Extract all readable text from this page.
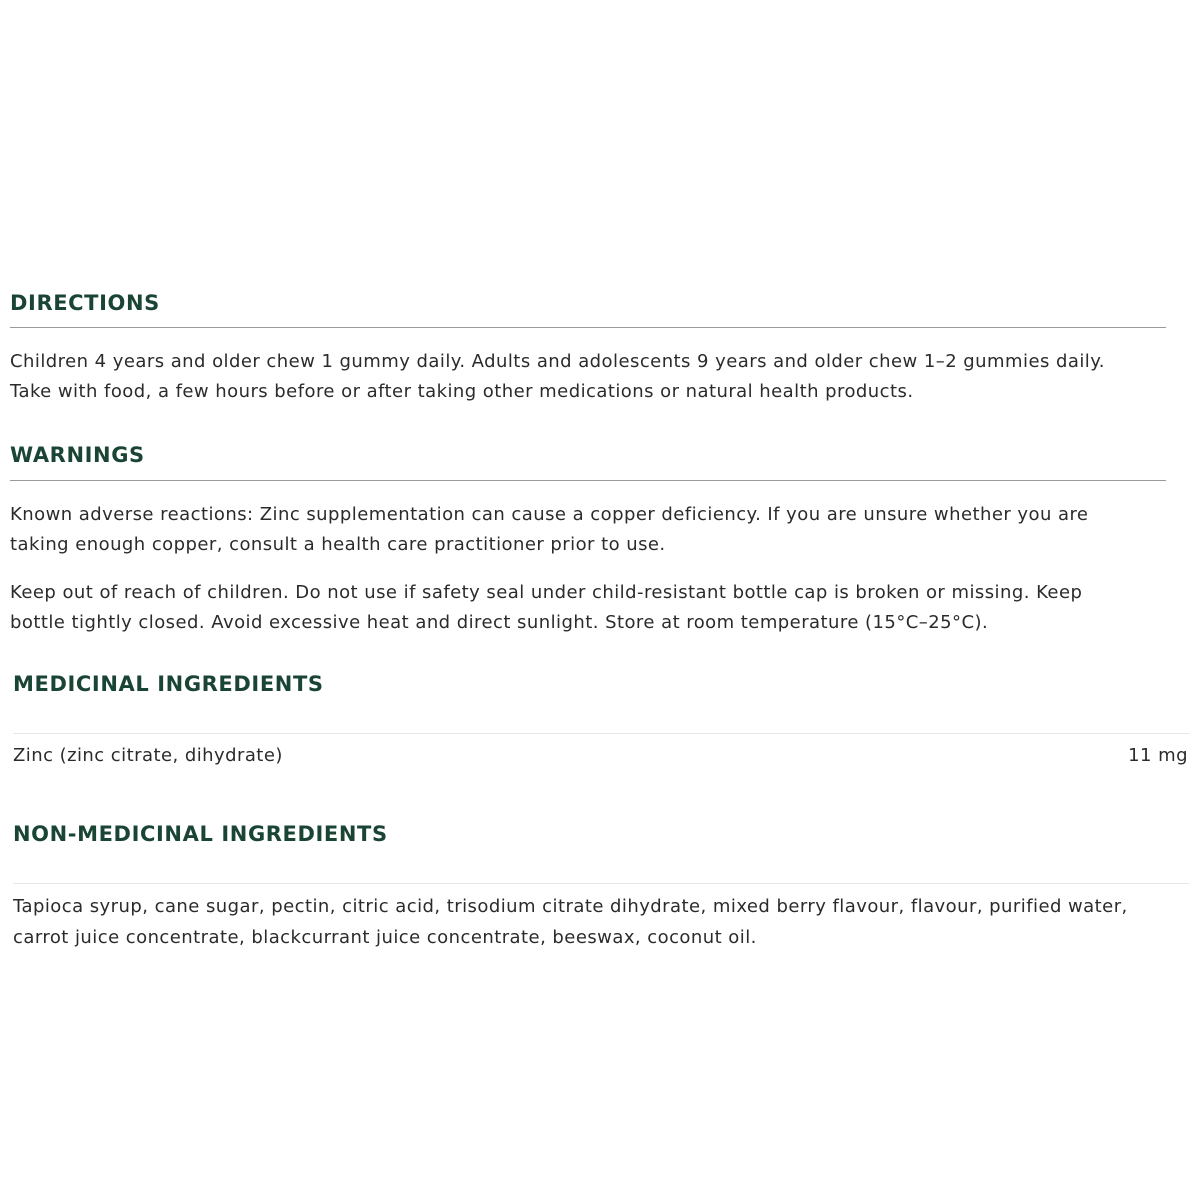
DIRECTIONS

Children 4 years and older chew 1 gummy daily. Adults and adolescents 9 years and older chew 1–2 gummies daily.
Take with food, a few hours before or after taking other medications or natural health products.

WARNINGS

Known adverse reactions: Zinc supplementation can cause a copper deficiency. If you are unsure whether you are
taking enough copper, consult a health care practitioner prior to use.

Keep out of reach of children. Do not use if safety seal under child-resistant bottle cap is broken or missing. Keep
bottle tightly closed. Avoid excessive heat and direct sunlight. Store at room temperature (15°C–25°C).

MEDICINAL INGREDIENTS
Zinc (zinc citrate, dihydrate)	11 mg
NON-MEDICINAL INGREDIENTS

Tapioca syrup, cane sugar, pectin, citric acid, trisodium citrate dihydrate, mixed berry flavour, flavour, purified water,
carrot juice concentrate, blackcurrant juice concentrate, beeswax, coconut oil.
